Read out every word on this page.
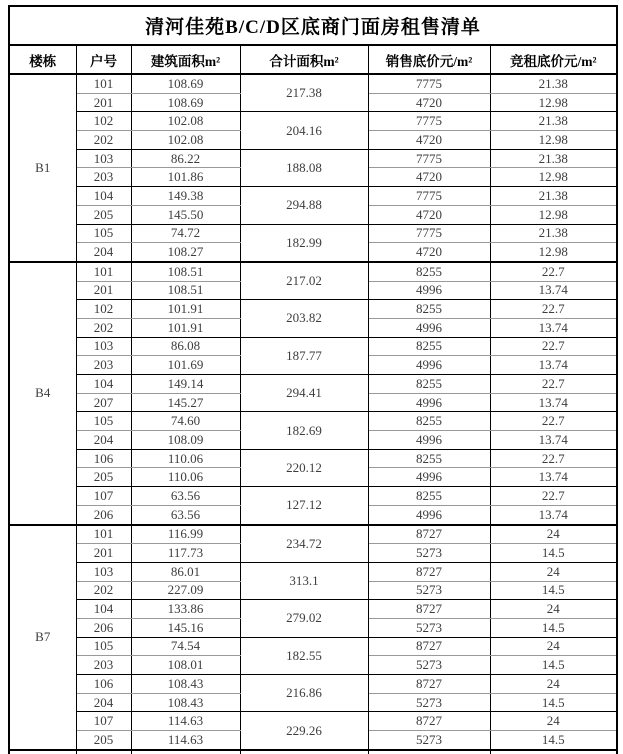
清河佳苑B/C/D区底商门面房租售清单					
楼栋	户号	建筑面积m²	合计面积m²	销售底价元/m²	竞租底价元/m²
B1	101	108.69	217.38	7775	21.38
	201	108.69		4720	12.98
	102	102.08	204.16	7775	21.38
	202	102.08		4720	12.98
	103	86.22	188.08	7775	21.38
	203	101.86		4720	12.98
	104	149.38	294.88	7775	21.38
	205	145.50		4720	12.98
	105	74.72	182.99	7775	21.38
	204	108.27		4720	12.98
B4	101	108.51	217.02	8255	22.7
	201	108.51		4996	13.74
	102	101.91	203.82	8255	22.7
	202	101.91		4996	13.74
	103	86.08	187.77	8255	22.7
	203	101.69		4996	13.74
	104	149.14	294.41	8255	22.7
	207	145.27		4996	13.74
	105	74.60	182.69	8255	22.7
	204	108.09		4996	13.74
	106	110.06	220.12	8255	22.7
	205	110.06		4996	13.74
	107	63.56	127.12	8255	22.7
	206	63.56		4996	13.74
B7	101	116.99	234.72	8727	24
	201	117.73		5273	14.5
	103	86.01	313.1	8727	24
	202	227.09		5273	14.5
	104	133.86	279.02	8727	24
	206	145.16		5273	14.5
	105	74.54	182.55	8727	24
	203	108.01		5273	14.5
	106	108.43	216.86	8727	24
	204	108.43		5273	14.5
	107	114.63	229.26	8727	24
	205	114.63		5273	14.5
